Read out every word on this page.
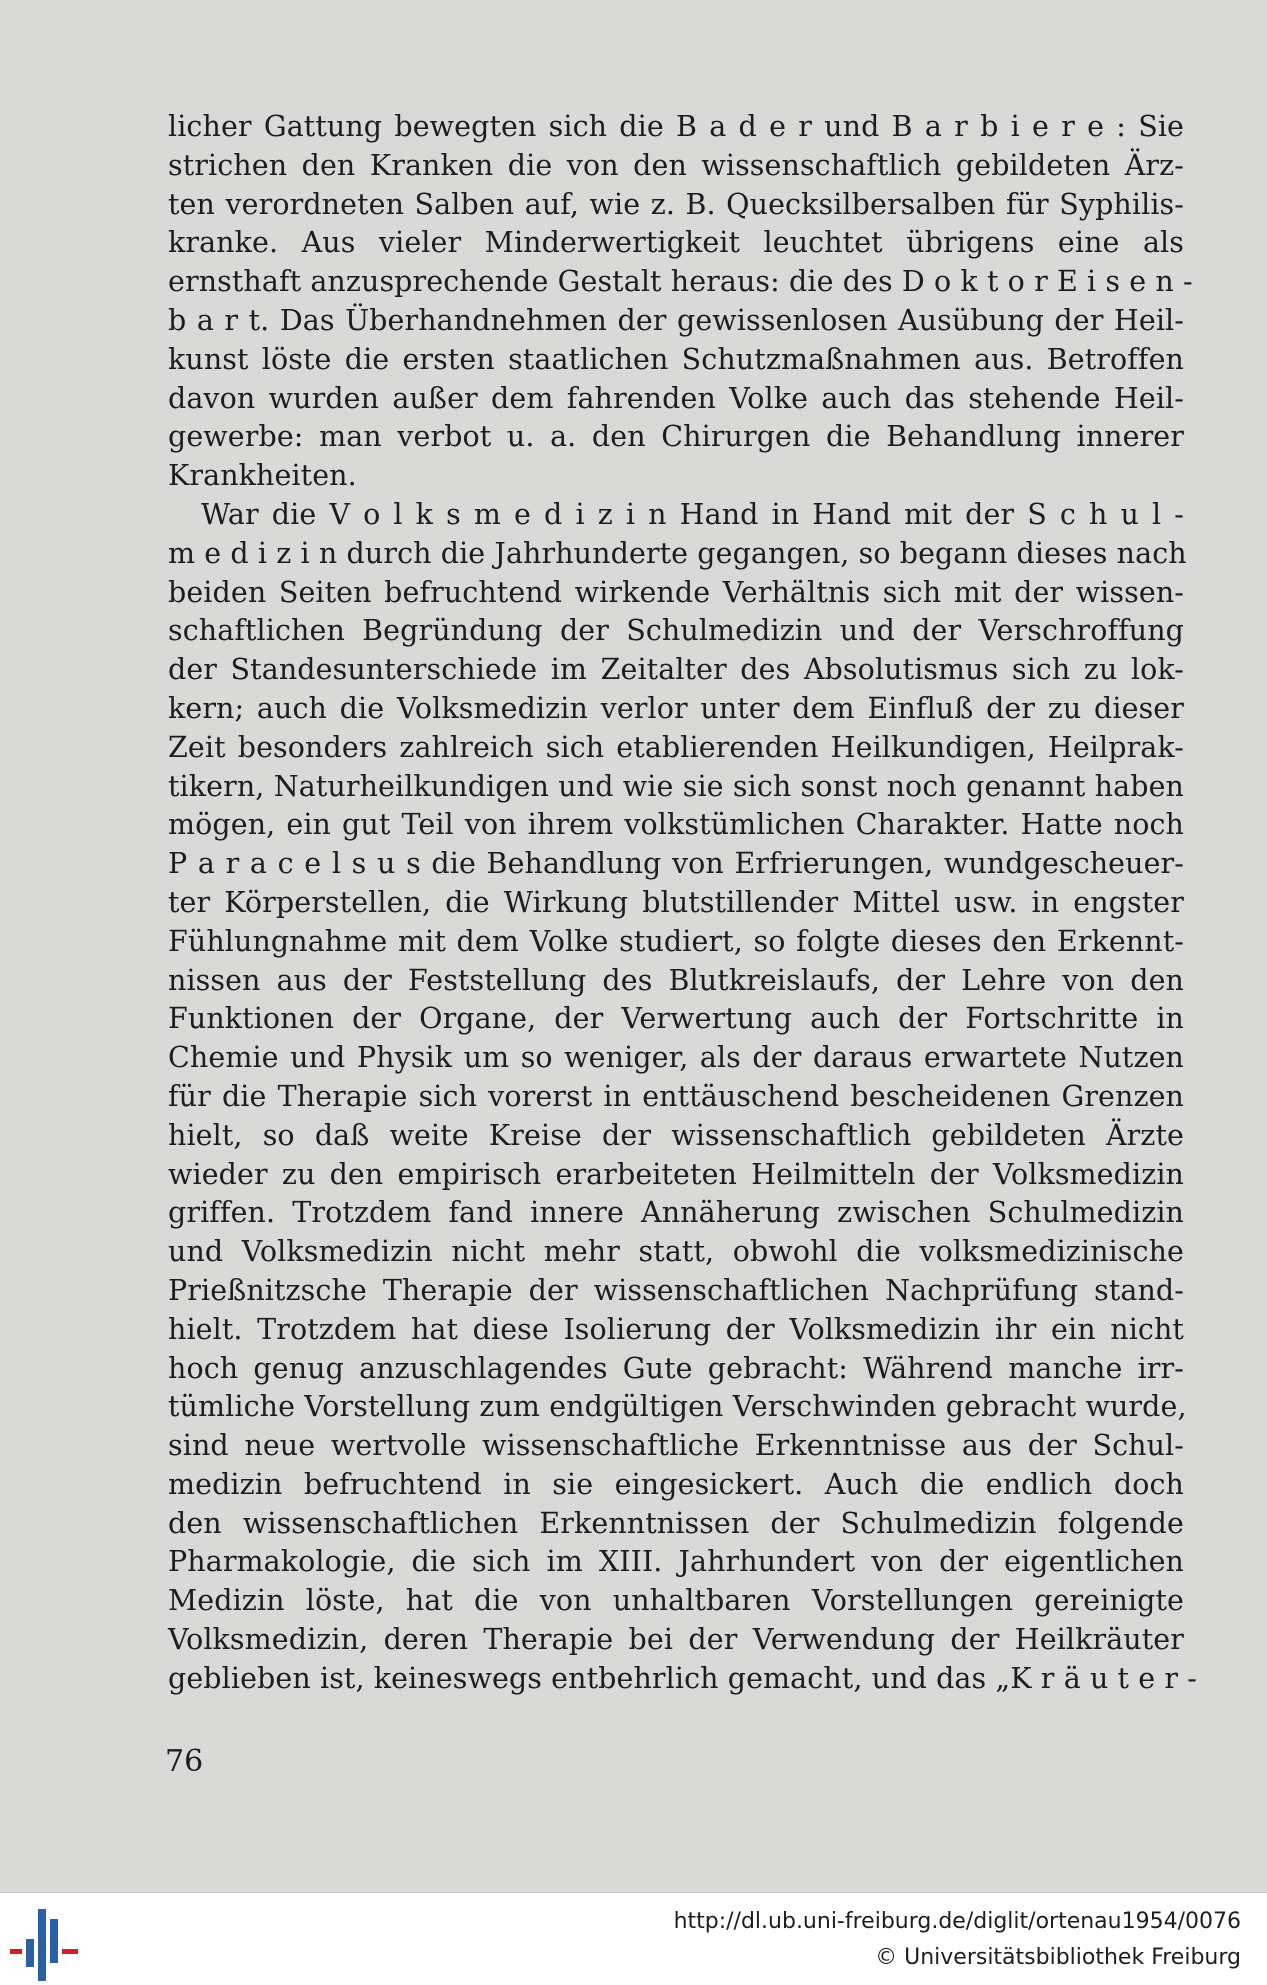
licher Gattung bewegten sich die B a d e r und B a r b i e r e : Sie
strichen den Kranken die von den wissenschaftlich gebildeten Ärz-
ten verordneten Salben auf, wie z. B. Quecksilbersalben für Syphilis-
kranke. Aus vieler Minderwertigkeit leuchtet übrigens eine als
ernsthaft anzusprechende Gestalt heraus: die des D o k t o r E i s e n -
b a r t. Das Überhandnehmen der gewissenlosen Ausübung der Heil-
kunst löste die ersten staatlichen Schutzmaßnahmen aus. Betroffen
davon wurden außer dem fahrenden Volke auch das stehende Heil-
gewerbe: man verbot u. a. den Chirurgen die Behandlung innerer
Krankheiten.
War die V o l k s m e d i z i n Hand in Hand mit der S c h u l -
m e d i z i n durch die Jahrhunderte gegangen, so begann dieses nach
beiden Seiten befruchtend wirkende Verhältnis sich mit der wissen-
schaftlichen Begründung der Schulmedizin und der Verschroffung
der Standesunterschiede im Zeitalter des Absolutismus sich zu lok-
kern; auch die Volksmedizin verlor unter dem Einfluß der zu dieser
Zeit besonders zahlreich sich etablierenden Heilkundigen, Heilprak-
tikern, Naturheilkundigen und wie sie sich sonst noch genannt haben
mögen, ein gut Teil von ihrem volkstümlichen Charakter. Hatte noch
P a r a c e l s u s die Behandlung von Erfrierungen, wundgescheuer-
ter Körperstellen, die Wirkung blutstillender Mittel usw. in engster
Fühlungnahme mit dem Volke studiert, so folgte dieses den Erkennt-
nissen aus der Feststellung des Blutkreislaufs, der Lehre von den
Funktionen der Organe, der Verwertung auch der Fortschritte in
Chemie und Physik um so weniger, als der daraus erwartete Nutzen
für die Therapie sich vorerst in enttäuschend bescheidenen Grenzen
hielt, so daß weite Kreise der wissenschaftlich gebildeten Ärzte
wieder zu den empirisch erarbeiteten Heilmitteln der Volksmedizin
griffen. Trotzdem fand innere Annäherung zwischen Schulmedizin
und Volksmedizin nicht mehr statt, obwohl die volksmedizinische
Prießnitzsche Therapie der wissenschaftlichen Nachprüfung stand-
hielt. Trotzdem hat diese Isolierung der Volksmedizin ihr ein nicht
hoch genug anzuschlagendes Gute gebracht: Während manche irr-
tümliche Vorstellung zum endgültigen Verschwinden gebracht wurde,
sind neue wertvolle wissenschaftliche Erkenntnisse aus der Schul-
medizin befruchtend in sie eingesickert. Auch die endlich doch
den wissenschaftlichen Erkenntnissen der Schulmedizin folgende
Pharmakologie, die sich im XIII. Jahrhundert von der eigentlichen
Medizin löste, hat die von unhaltbaren Vorstellungen gereinigte
Volksmedizin, deren Therapie bei der Verwendung der Heilkräuter
geblieben ist, keineswegs entbehrlich gemacht, und das „K r ä u t e r -
76
http://dl.ub.uni-freiburg.de/diglit/ortenau1954/0076
© Universitätsbibliothek Freiburg
